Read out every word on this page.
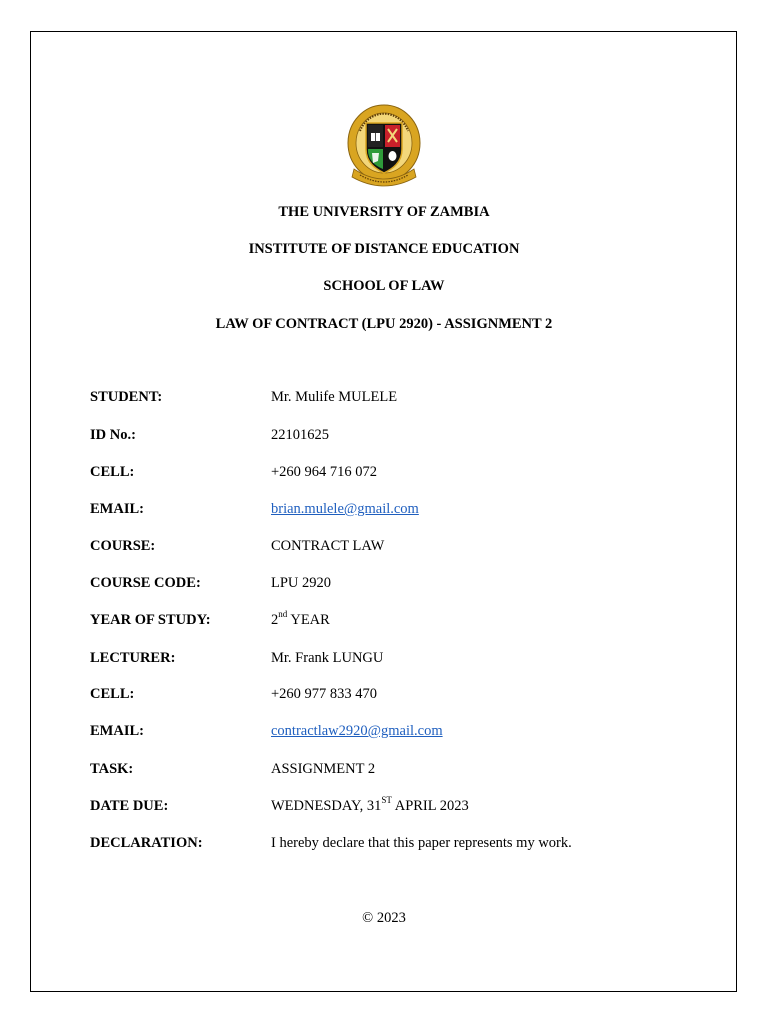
THE UNIVERSITY OF ZAMBIA
INSTITUTE OF DISTANCE EDUCATION
SCHOOL OF LAW
LAW OF CONTRACT (LPU 2920) - ASSIGNMENT 2
STUDENT:	Mr. Mulife MULELE
ID No.:	22101625
CELL:	+260 964 716 072
EMAIL:	brian.mulele@gmail.com
COURSE:	CONTRACT LAW
COURSE CODE:	LPU 2920
YEAR OF STUDY:	2nd YEAR
LECTURER:	Mr. Frank LUNGU
CELL:	+260 977 833 470
EMAIL:	contractlaw2920@gmail.com
TASK:	ASSIGNMENT 2
DATE DUE:	WEDNESDAY, 31ST APRIL 2023
DECLARATION:	I hereby declare that this paper represents my work.
© 2023
